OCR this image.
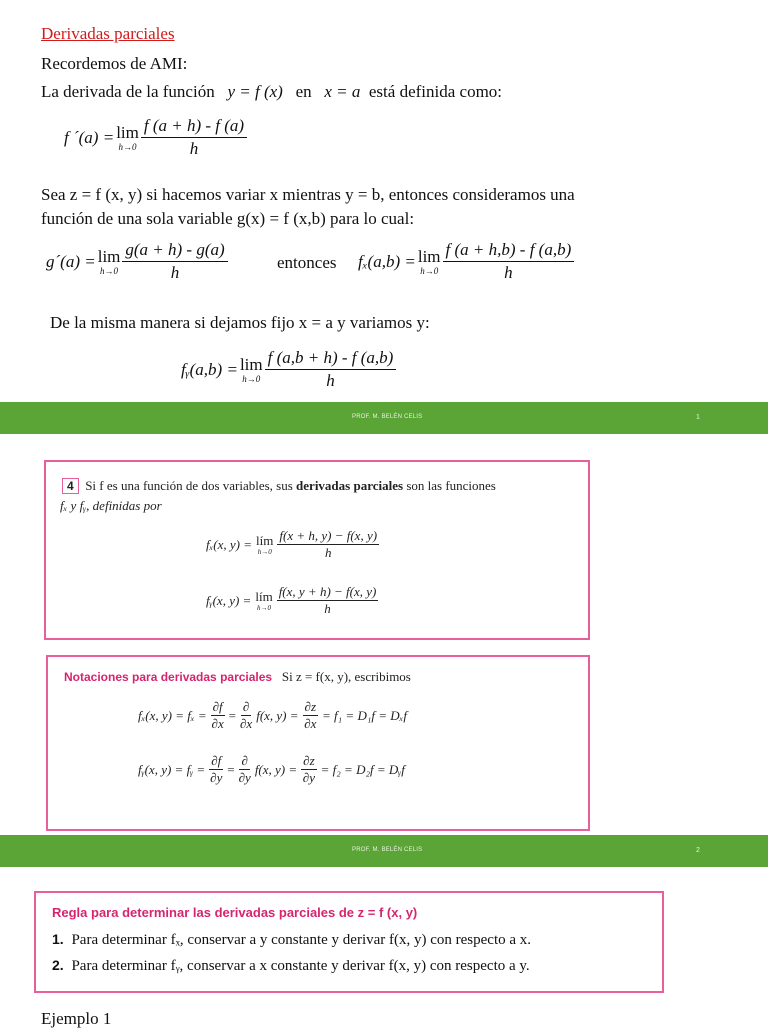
Derivadas parciales
Recordemos de AMI:
La derivada de la función y = f (x) en x = a está definida como:
f ´(a) = lim
$h\to 0 \frac{f (a + h) - f (a)}{h}$
Sea z = f (x, y) si hacemos variar x mientras y = b, entonces consideramos una
función de una sola variable g(x) = f (x,b) para lo cual:
g´(a) = lim
$h\to 0 \frac{g(a + h) - g(a)}{h}$	entonces fₓ(a,b) = lim
$h\to 0 \frac{f (a + h,b) - f (a,b)}{h}$
De la misma manera si dejamos fijo x = a y variamos y:
fᵧ(a,b) = lim
$h\to 0 \frac{f (a,b + h) - f (a,b)}{h}$
PROF. M. BELÉN CELIS	1
4 Si f es una función de dos variables, sus derivadas parciales son las funciones
fₓ y fᵧ, definidas por
fₓ(x, y) = lím
$h\to 0 \frac{f(x + h, y) - f(x, y)}{h}$
fᵧ(x, y) = lím
$h\to 0 \frac{f(x, y + h) - f(x, y)}{h}$
Notaciones para derivadas parciales Si z = f(x, y), escribimos
fₓ(x, $y) = f_x = \frac{\partial f}{\partial x} = \frac{\partial}{\partial x} f(x$, $y) = \frac{\partial z}{\partial x} = f_1 = D_1f = D_xf$
fᵧ(x, y) = fᵧ = $\frac{\partial f}{\partial y} = \frac{\partial}{\partial y} f(x$, $y) = \frac{\partial z}{\partial y} = f_2 = D_2f$ = Dᵧf
PROF. M. BELÉN CELIS	2
Regla para determinar las derivadas parciales de z = f (x, y)
1. Para determinar fₓ, conservar a y constante y derivar f(x, y) con respecto a x.
2. Para determinar fᵧ, conservar a x constante y derivar f(x, y) con respecto a y.
Ejemplo 1
